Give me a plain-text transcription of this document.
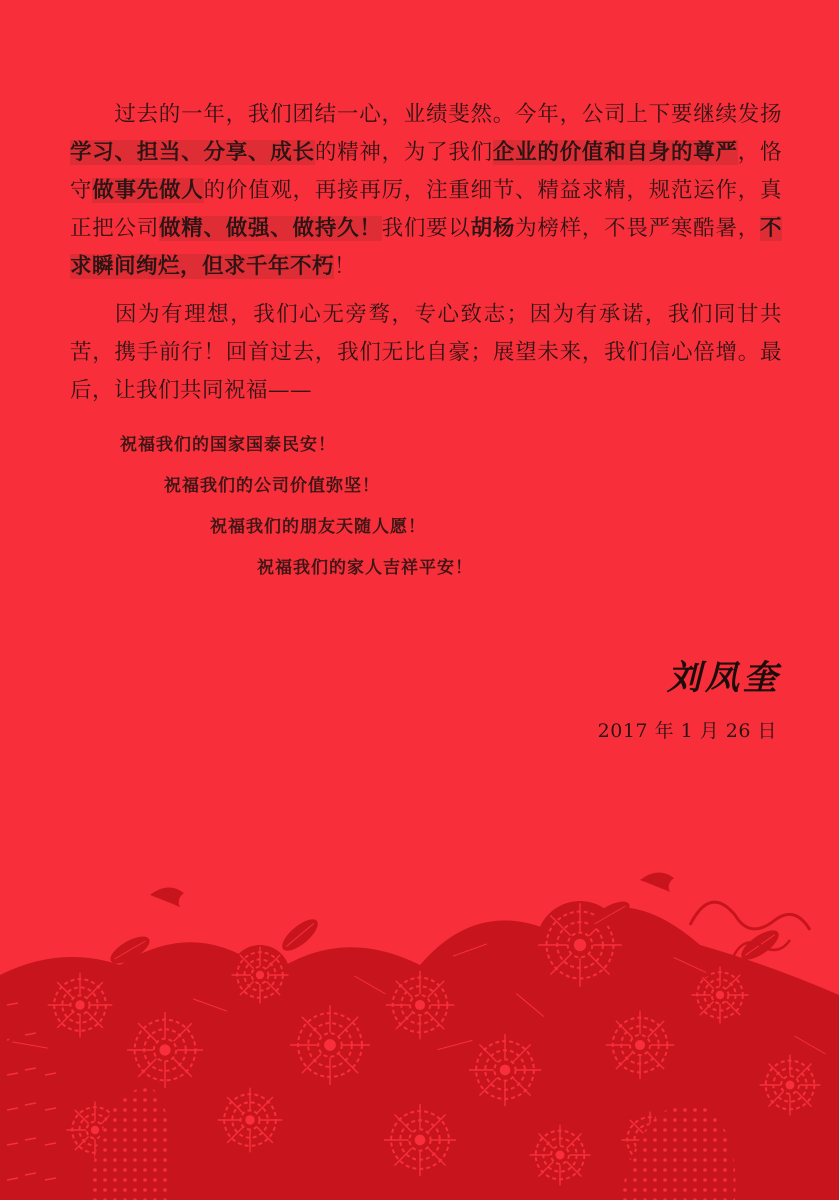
过去的一年，我们团结一心，业绩斐然。今年，公司上下要继续发扬学习、担当、分享、成长的精神，为了我们企业的价值和自身的尊严，恪守做事先做人的价值观，再接再厉，注重细节、精益求精，规范运作，真正把公司做精、做强、做持久！我们要以胡杨为榜样，不畏严寒酷暑，不求瞬间绚烂，但求千年不朽！
因为有理想，我们心无旁骛，专心致志；因为有承诺，我们同甘共苦，携手前行！回首过去，我们无比自豪；展望未来，我们信心倍增。最后，让我们共同祝福——
祝福我们的国家国泰民安！
祝福我们的公司价值弥坚！
祝福我们的朋友天随人愿！
祝福我们的家人吉祥平安！
刘凤奎
2017 年 1 月 26 日
